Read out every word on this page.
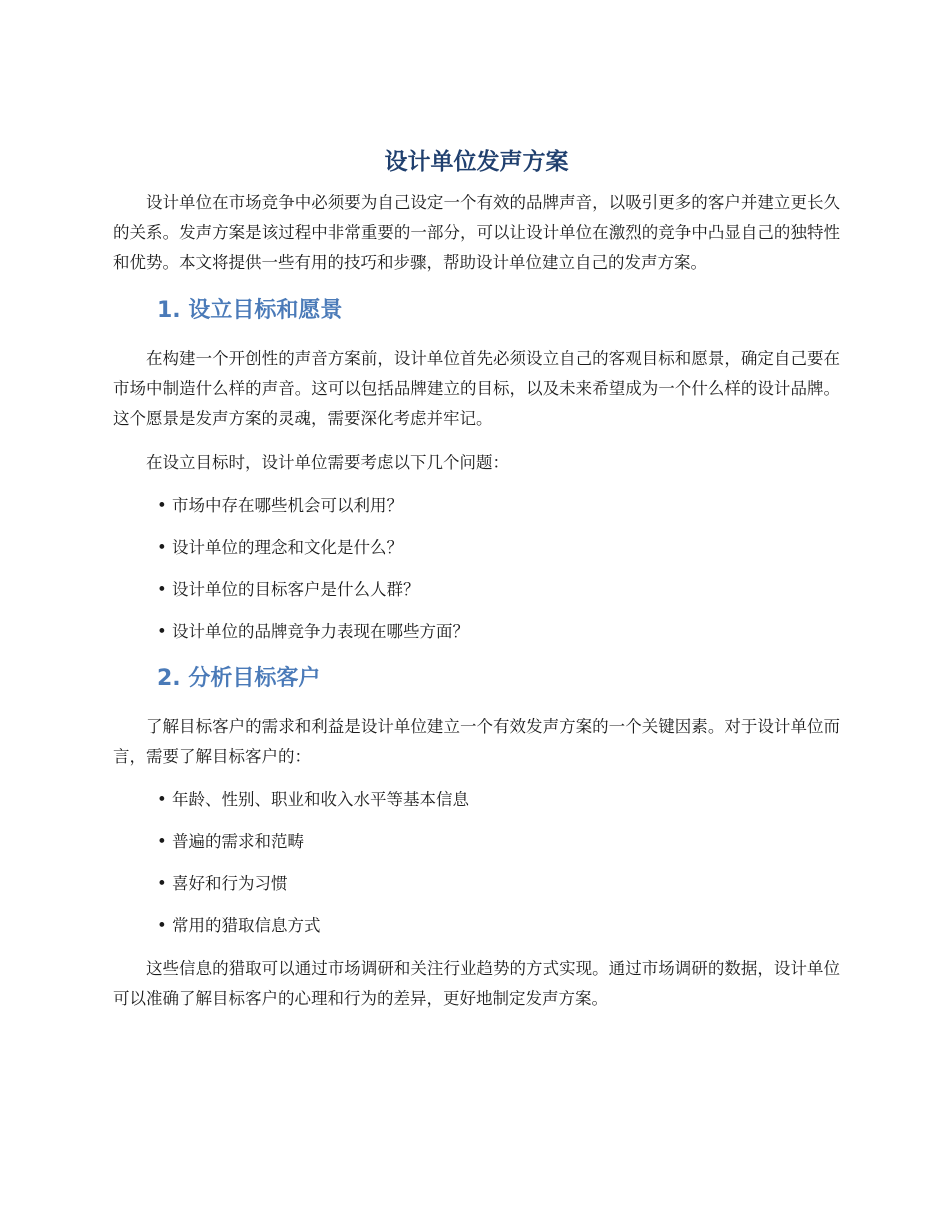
设计单位发声方案

设计单位在市场竞争中必须要为自己设定一个有效的品牌声音，以吸引更多的客户并建立更长久的关系。发声方案是该过程中非常重要的一部分，可以让设计单位在激烈的竞争中凸显自己的独特性和优势。本文将提供一些有用的技巧和步骤，帮助设计单位建立自己的发声方案。

1. 设立目标和愿景

在构建一个开创性的声音方案前，设计单位首先必须设立自己的客观目标和愿景，确定自己要在市场中制造什么样的声音。这可以包括品牌建立的目标，以及未来希望成为一个什么样的设计品牌。这个愿景是发声方案的灵魂，需要深化考虑并牢记。

在设立目标时，设计单位需要考虑以下几个问题：

• 市场中存在哪些机会可以利用？

• 设计单位的理念和文化是什么？

• 设计单位的目标客户是什么人群？

• 设计单位的品牌竞争力表现在哪些方面？

2. 分析目标客户

了解目标客户的需求和利益是设计单位建立一个有效发声方案的一个关键因素。对于设计单位而言，需要了解目标客户的：

• 年龄、性别、职业和收入水平等基本信息

• 普遍的需求和范畴

• 喜好和行为习惯

• 常用的猎取信息方式

这些信息的猎取可以通过市场调研和关注行业趋势的方式实现。通过市场调研的数据，设计单位可以准确了解目标客户的心理和行为的差异，更好地制定发声方案。
